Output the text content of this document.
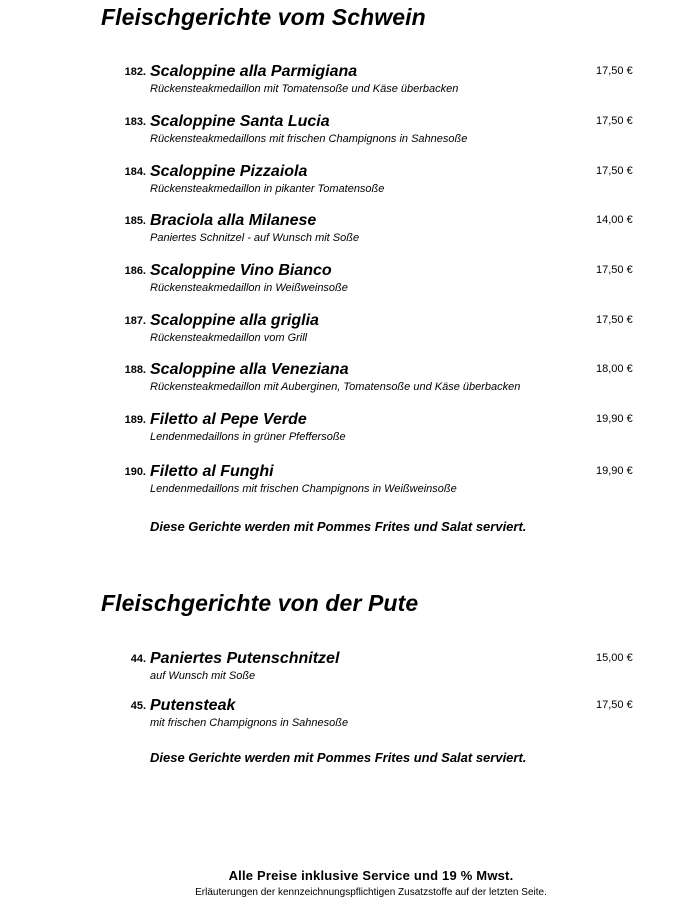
Fleischgerichte vom Schwein
182. Scaloppine alla Parmigiana
Rückensteakmedaillon mit Tomatensoße und Käse überbacken
17,50 €
183. Scaloppine Santa Lucia
Rückensteakmedaillons mit frischen Champignons in Sahnesoße
17,50 €
184. Scaloppine Pizzaiola
Rückensteakmedaillon in pikanter Tomatensoße
17,50 €
185. Braciola alla Milanese
Paniertes Schnitzel - auf Wunsch mit Soße
14,00 €
186. Scaloppine Vino Bianco
Rückensteakmedaillon in Weißweinsoße
17,50 €
187. Scaloppine alla griglia
Rückensteakmedaillon vom Grill
17,50 €
188. Scaloppine alla Veneziana
Rückensteakmedaillon mit Auberginen, Tomatensoße und Käse überbacken
18,00 €
189. Filetto al Pepe Verde
Lendenmedaillons in grüner Pfeffersoße
19,90 €
190. Filetto al Funghi
Lendenmedaillons mit frischen Champignons in Weißweinsoße
19,90 €

Diese Gerichte werden mit Pommes Frites und Salat serviert.

Fleischgerichte von der Pute
44. Paniertes Putenschnitzel
auf Wunsch mit Soße
15,00 €
45. Putensteak
mit frischen Champignons in Sahnesoße
17,50 €

Diese Gerichte werden mit Pommes Frites und Salat serviert.

Alle Preise inklusive Service und 19 % Mwst.
Erläuterungen der kennzeichnungspflichtigen Zusatzstoffe auf der letzten Seite.
